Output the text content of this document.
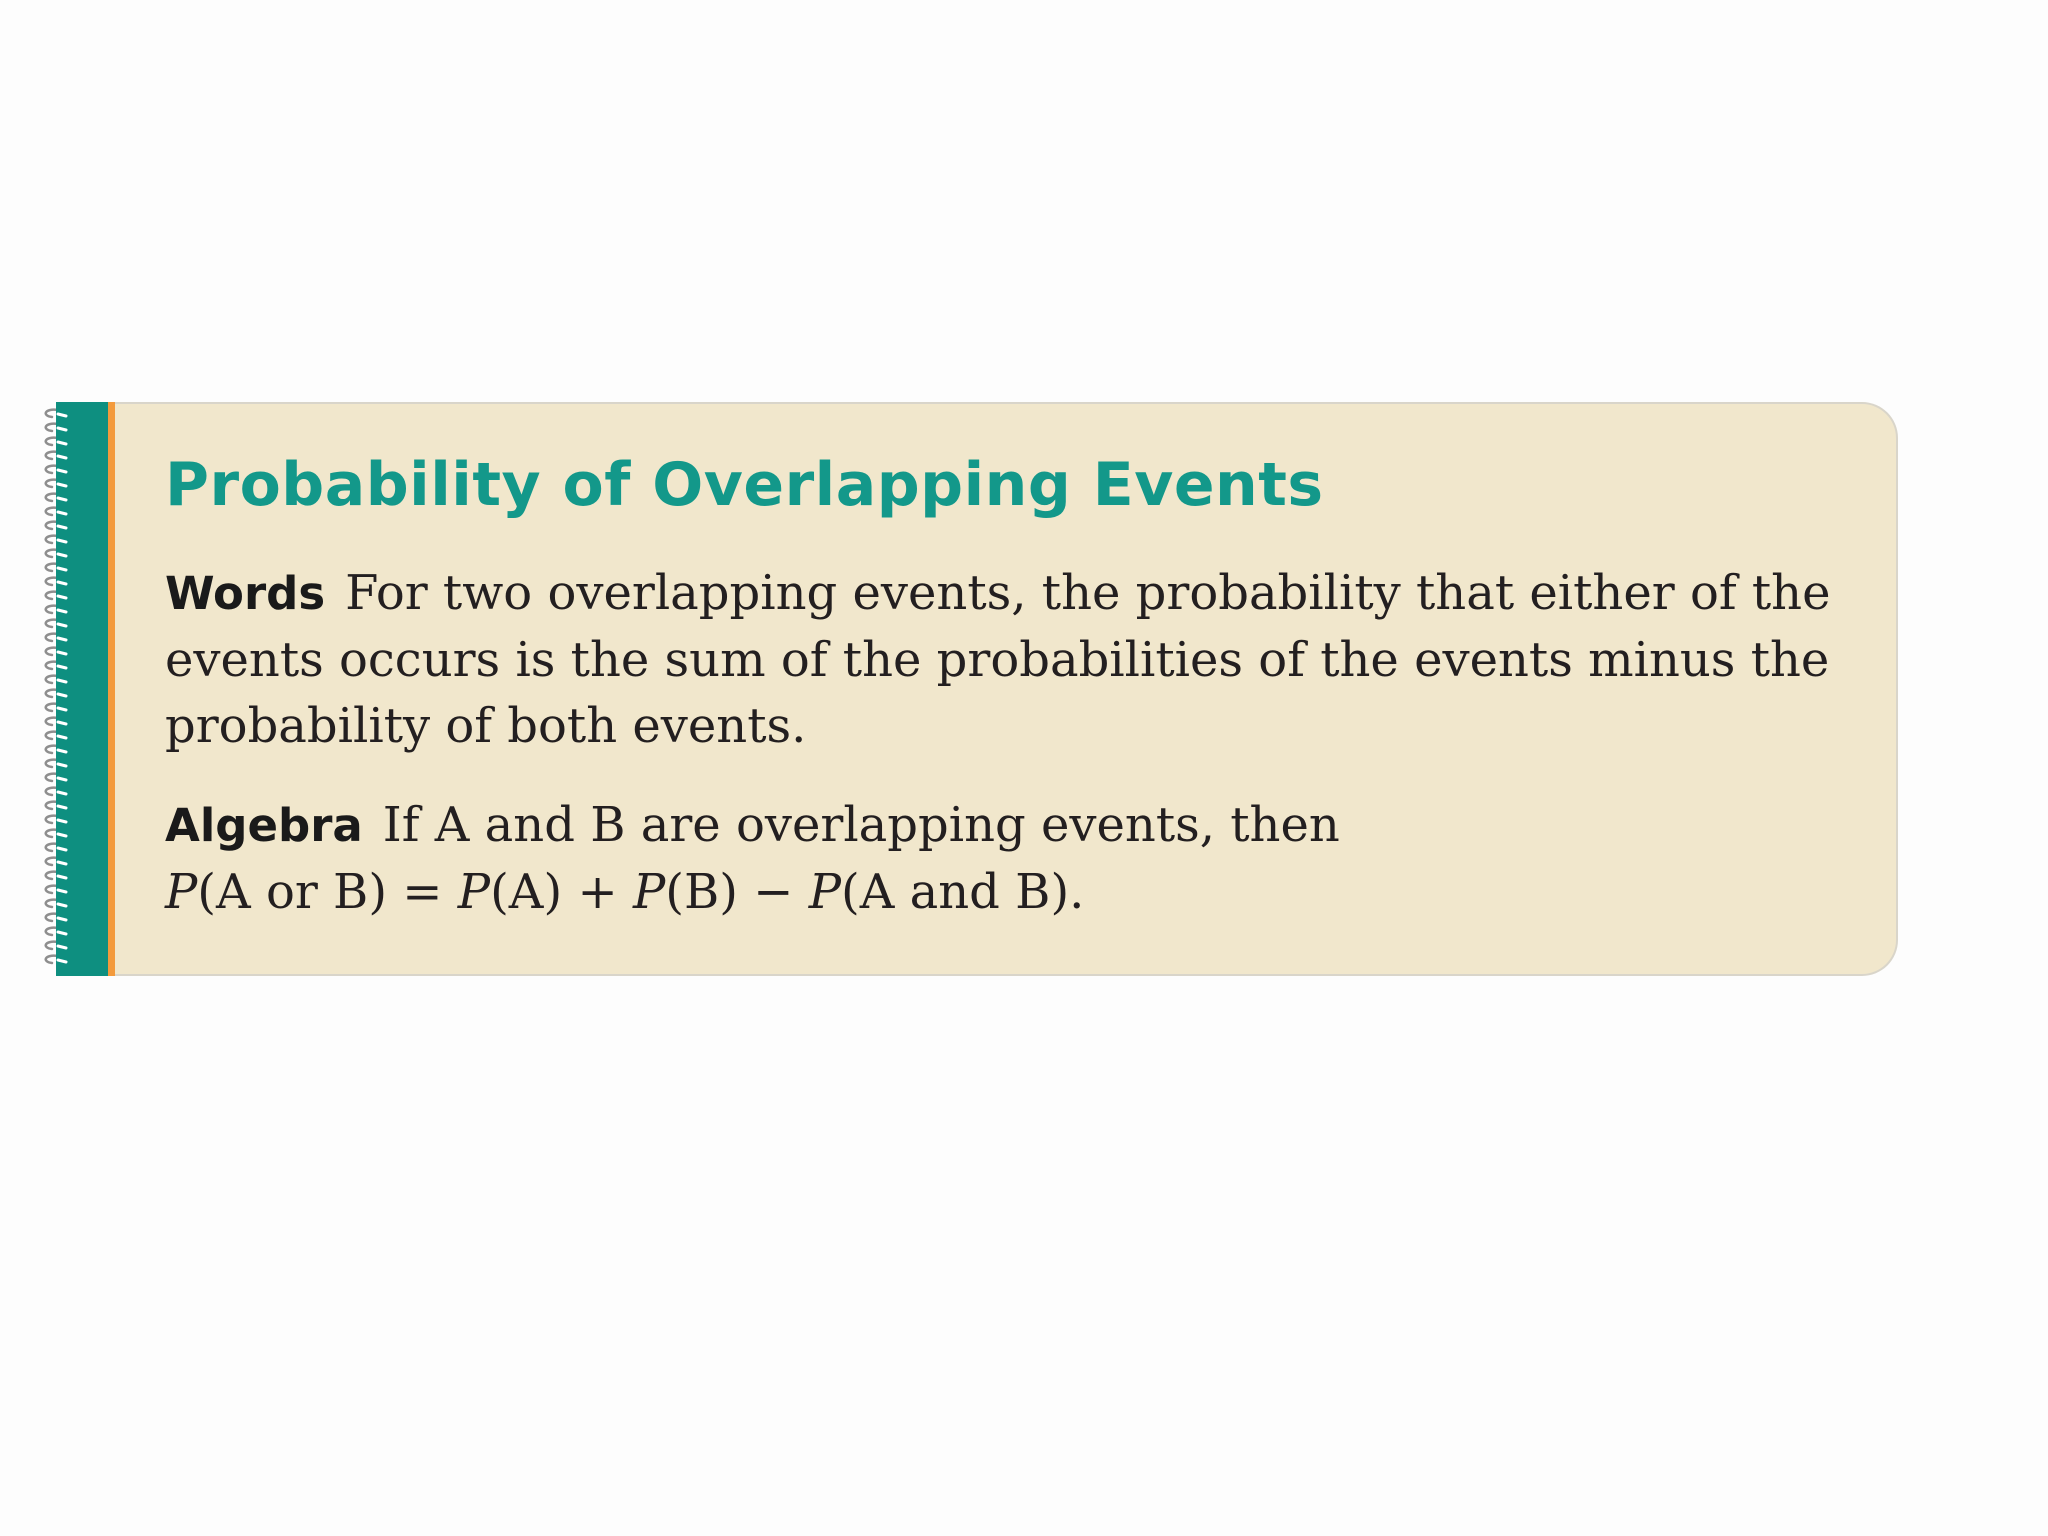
Probability of Overlapping Events

Words For two overlapping events, the probability that either of the events occurs is the sum of the probabilities of the events minus the probability of both events.

Algebra If A and B are overlapping events, then
P(A or B) = P(A) + P(B) − P(A and B).
